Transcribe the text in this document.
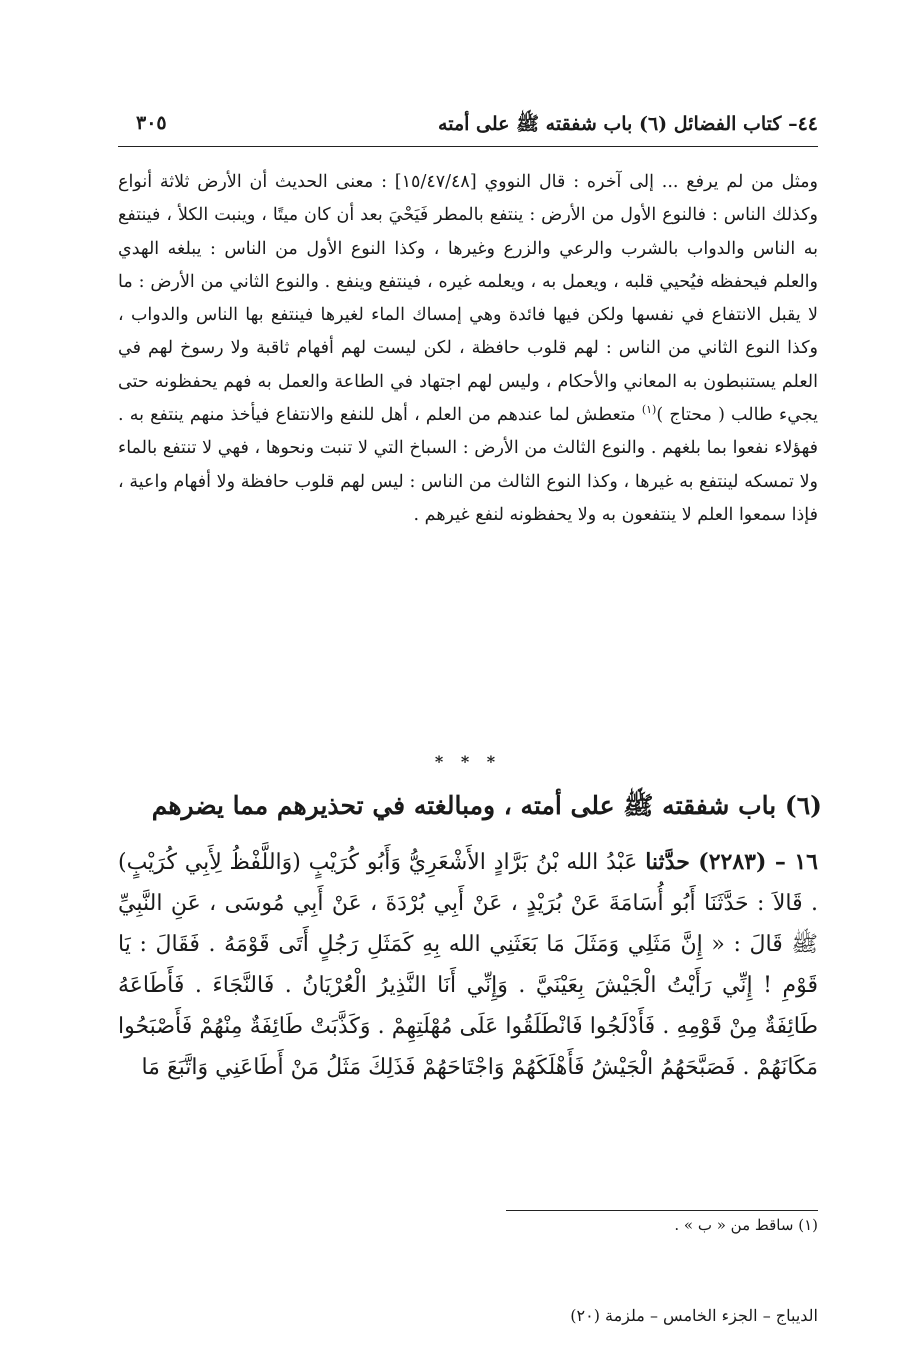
٤٤– كتاب الفضائل (٦) باب شفقته ﷺ على أمته
٣٠٥

ومثل من لم يرفع ... إلى آخره : قال النووي [١٥/٤٧/٤٨] : معنى الحديث أن الأرض ثلاثة أنواع وكذلك الناس : فالنوع الأول من الأرض : ينتفع بالمطر فَيَحْيَ بعد أن كان ميتًا ، وينبت الكلأ ، فينتفع به الناس والدواب بالشرب والرعي والزرع وغيرها ، وكذا النوع الأول من الناس : يبلغه الهدي والعلم فيحفظه فيُحيي قلبه ، ويعمل به ، ويعلمه غيره ، فينتفع وينفع . والنوع الثاني من الأرض : ما لا يقبل الانتفاع في نفسها ولكن فيها فائدة وهي إمساك الماء لغيرها فينتفع بها الناس والدواب ، وكذا النوع الثاني من الناس : لهم قلوب حافظة ، لكن ليست لهم أفهام ثاقبة ولا رسوخ لهم في العلم يستنبطون به المعاني والأحكام ، وليس لهم اجتهاد في الطاعة والعمل به فهم يحفظونه حتى يجيء طالب ( محتاج )$^{(١)}$ متعطش لما عندهم من العلم ، أهل للنفع والانتفاع فيأخذ منهم ينتفع به . فهؤلاء نفعوا بما بلغهم . والنوع الثالث من الأرض : السباخ التي لا تنبت ونحوها ، فهي لا تنتفع بالماء ولا تمسكه لينتفع به غيرها ، وكذا النوع الثالث من الناس : ليس لهم قلوب حافظة ولا أفهام واعية ، فإذا سمعوا العلم لا ينتفعون به ولا يحفظونه لنفع غيرهم .

* * *
(٦) باب شفقته ﷺ على أمته ، ومبالغته في تحذيرهم مما يضرهم

١٦ – (٢٢٨٣) حدَّثنا عَبْدُ الله بْنُ بَرَّادٍ الأَشْعَرِيُّ وَأَبُو كُرَيْبٍ (وَاللَّفْظُ لِأَبِي كُرَيْبٍ) . قَالاَ : حَدَّثَنَا أَبُو أُسَامَةَ عَنْ بُرَيْدٍ ، عَنْ أَبِي بُرْدَةَ ، عَنْ أَبِي مُوسَى ، عَنِ النَّبِيِّ ﷺ قَالَ : « إِنَّ مَثَلِي وَمَثَلَ مَا بَعَثَنِي الله بِهِ كَمَثَلِ رَجُلٍ أَتَى قَوْمَهُ . فَقَالَ : يَا قَوْمِ ! إِنِّي رَأَيْتُ الْجَيْشَ بِعَيْنَيَّ . وَإِنِّي أَنَا النَّذِيرُ الْعُرْيَانُ . فَالنَّجَاءَ . فَأَطَاعَهُ طَائِفَةٌ مِنْ قَوْمِهِ . فَأَدْلَجُوا فَانْطَلَقُوا عَلَى مُهْلَتِهِمْ . وَكَذَّبَتْ طَائِفَةٌ مِنْهُمْ فَأَصْبَحُوا مَكَانَهُمْ . فَصَبَّحَهُمُ الْجَيْشُ فَأَهْلَكَهُمْ وَاجْتَاحَهُمْ فَذَلِكَ مَثَلُ مَنْ أَطَاعَنِي وَاتَّبَعَ مَا

(١) ساقط من « ب » .
الديباج – الجزء الخامس – ملزمة (٢٠)
